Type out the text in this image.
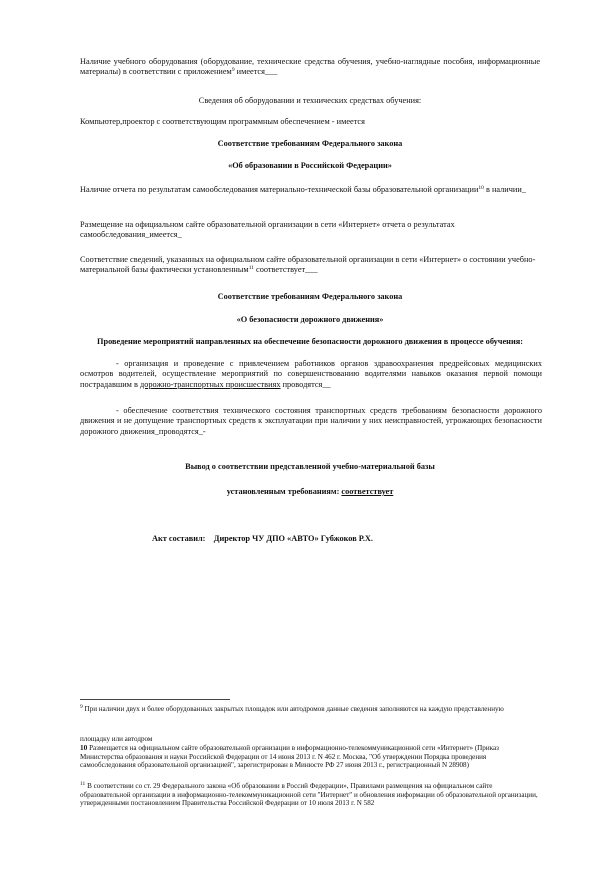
Наличие учебного оборудования (оборудование, технические средства обучения, учебно-наглядные пособия, информационные материалы) в соответствии с приложением$^9$ имеется___

Сведения об оборудовании и технических средствах обучения:

Компьютер,проектор с соответствующим программным обеспечением - имеется

Соответствие требованиям Федерального закона

«Об образовании в Российской Федерации»

Наличие отчета по результатам самообследования материально-технической базы образовательной организации$^{10}$ в наличии_

Размещение на официальном сайте образовательной организации в сети «Интернет» отчета о результатах самообследования_имеется_

Соответствие сведений, указанных на официальном сайте образовательной организации в сети «Интернет» о состоянии учебно-материальной базы фактически установленным$^{11}$ соответствует___

Соответствие требованиям Федерального закона

«О безопасности дорожного движения»

Проведение мероприятий направленных на обеспечение безопасности дорожного движения в процессе обучения:

- организация и проведение с привлечением работников органов здравоохранения предрейсовых медицинских осмотров водителей, осуществление мероприятий по совершенствованию водителями навыков оказания первой помощи пострадавшим в дорожно-транспортных происшествиях проводятся__

- обеспечение соответствия технического состояния транспортных средств требованиям безопасности дорожного движения и не допущение транспортных средств к эксплуатации при наличии у них неисправностей, угрожающих безопасности дорожного движения_проводятся_-

Вывод о соответствии представленной учебно-материальной базы

установленным требованиям: соответствует

Акт составил: Директор ЧУ ДПО «АВТО» Губжоков Р.Х.

$^9$ При наличии двух и более оборудованных закрытых площадок или автодромов данные сведения заполняются на каждую представленную

площадку или автодром

10 Размещается на официальном сайте образовательной организации в информационно-телекоммуникационной сети «Интернет» (Приказ Министерства образования и науки Российской Федерации от 14 июня 2013 г. N 462 г. Москва, "Об утверждении Порядка проведения самообследования образовательной организацией", зарегистрирован в Минюсте РФ 27 июня 2013 г., регистрационный N 28908)

$^{11}$ В соответствии со ст. 29 Федерального закона «Об образовании в Россий Федерации», Правилами размещения на официальном сайте образовательной организации в информационно-телекоммуникационной сети "Интернет" и обновления информации об образовательной организации, утвержденными постановлением Правительства Российской Федерации от 10 июля 2013 г. N 582
